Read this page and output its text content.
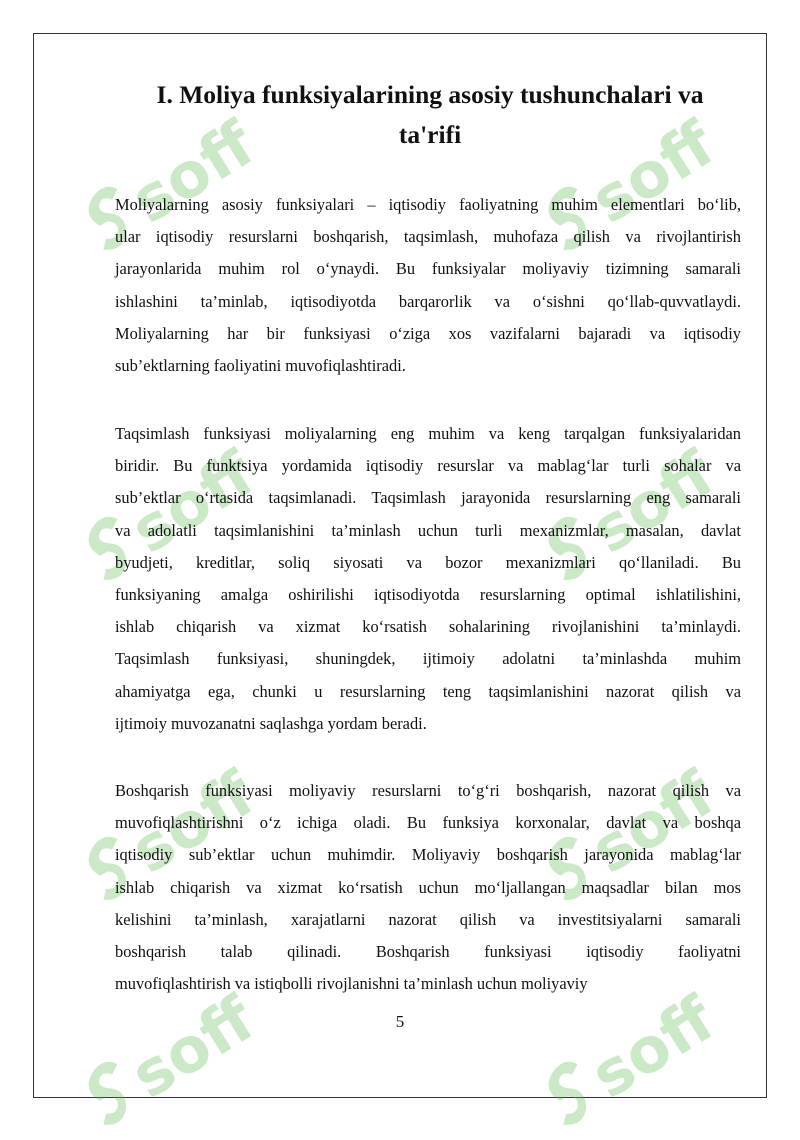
soff	soff
soff	soff
soff	soff
soff	soff
I. Moliya funksiyalarining asosiy tushunchalari va
ta'rifi
Moliyalarning asosiy funksiyalari – iqtisodiy faoliyatning muhim elementlari bo‘lib,
ular iqtisodiy resurslarni boshqarish, taqsimlash, muhofaza qilish va rivojlantirish
jarayonlarida muhim rol o‘ynaydi. Bu funksiyalar moliyaviy tizimning samarali
ishlashini ta’minlab, iqtisodiyotda barqarorlik va o‘sishni qo‘llab-quvvatlaydi.
Moliyalarning har bir funksiyasi o‘ziga xos vazifalarni bajaradi va iqtisodiy
sub’ektlarning faoliyatini muvofiqlashtiradi.
Taqsimlash funksiyasi moliyalarning eng muhim va keng tarqalgan funksiyalaridan
biridir. Bu funktsiya yordamida iqtisodiy resurslar va mablag‘lar turli sohalar va
sub’ektlar o‘rtasida taqsimlanadi. Taqsimlash jarayonida resurslarning eng samarali
va adolatli taqsimlanishini ta’minlash uchun turli mexanizmlar, masalan, davlat
byudjeti, kreditlar, soliq siyosati va bozor mexanizmlari qo‘llaniladi. Bu
funksiyaning amalga oshirilishi iqtisodiyotda resurslarning optimal ishlatilishini,
ishlab chiqarish va xizmat ko‘rsatish sohalarining rivojlanishini ta’minlaydi.
Taqsimlash funksiyasi, shuningdek, ijtimoiy adolatni ta’minlashda muhim
ahamiyatga ega, chunki u resurslarning teng taqsimlanishini nazorat qilish va
ijtimoiy muvozanatni saqlashga yordam beradi.
Boshqarish funksiyasi moliyaviy resurslarni to‘g‘ri boshqarish, nazorat qilish va
muvofiqlashtirishni o‘z ichiga oladi. Bu funksiya korxonalar, davlat va boshqa
iqtisodiy sub’ektlar uchun muhimdir. Moliyaviy boshqarish jarayonida mablag‘lar
ishlab chiqarish va xizmat ko‘rsatish uchun mo‘ljallangan maqsadlar bilan mos
kelishini ta’minlash, xarajatlarni nazorat qilish va investitsiyalarni samarali
boshqarish talab qilinadi. Boshqarish funksiyasi iqtisodiy faoliyatni
muvofiqlashtirish va istiqbolli rivojlanishni ta’minlash uchun moliyaviy
5
